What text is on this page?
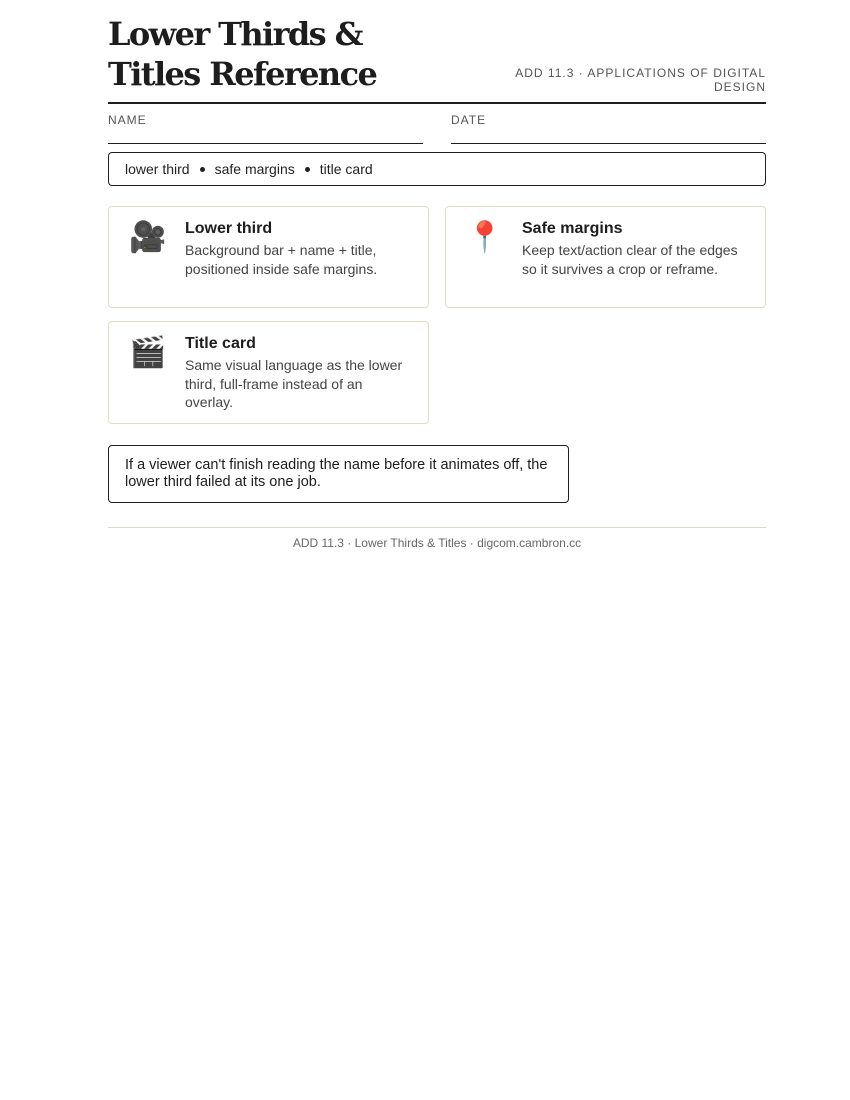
Lower Thirds & Titles Reference	ADD 11.3 · APPLICATIONS OF DIGITAL DESIGN
NAME	DATE
lower third safe margins title card
🎥	Lower third
Background bar + name + title, positioned inside safe margins.
📍	Safe margins
Keep text/action clear of the edges so it survives a crop or reframe.
🎬	Title card
Same visual language as the lower third, full-frame instead of an overlay.
If a viewer can't finish reading the name before it animates off, the lower third failed at its one job.
ADD 11.3 · Lower Thirds & Titles · digcom.cambron.cc
